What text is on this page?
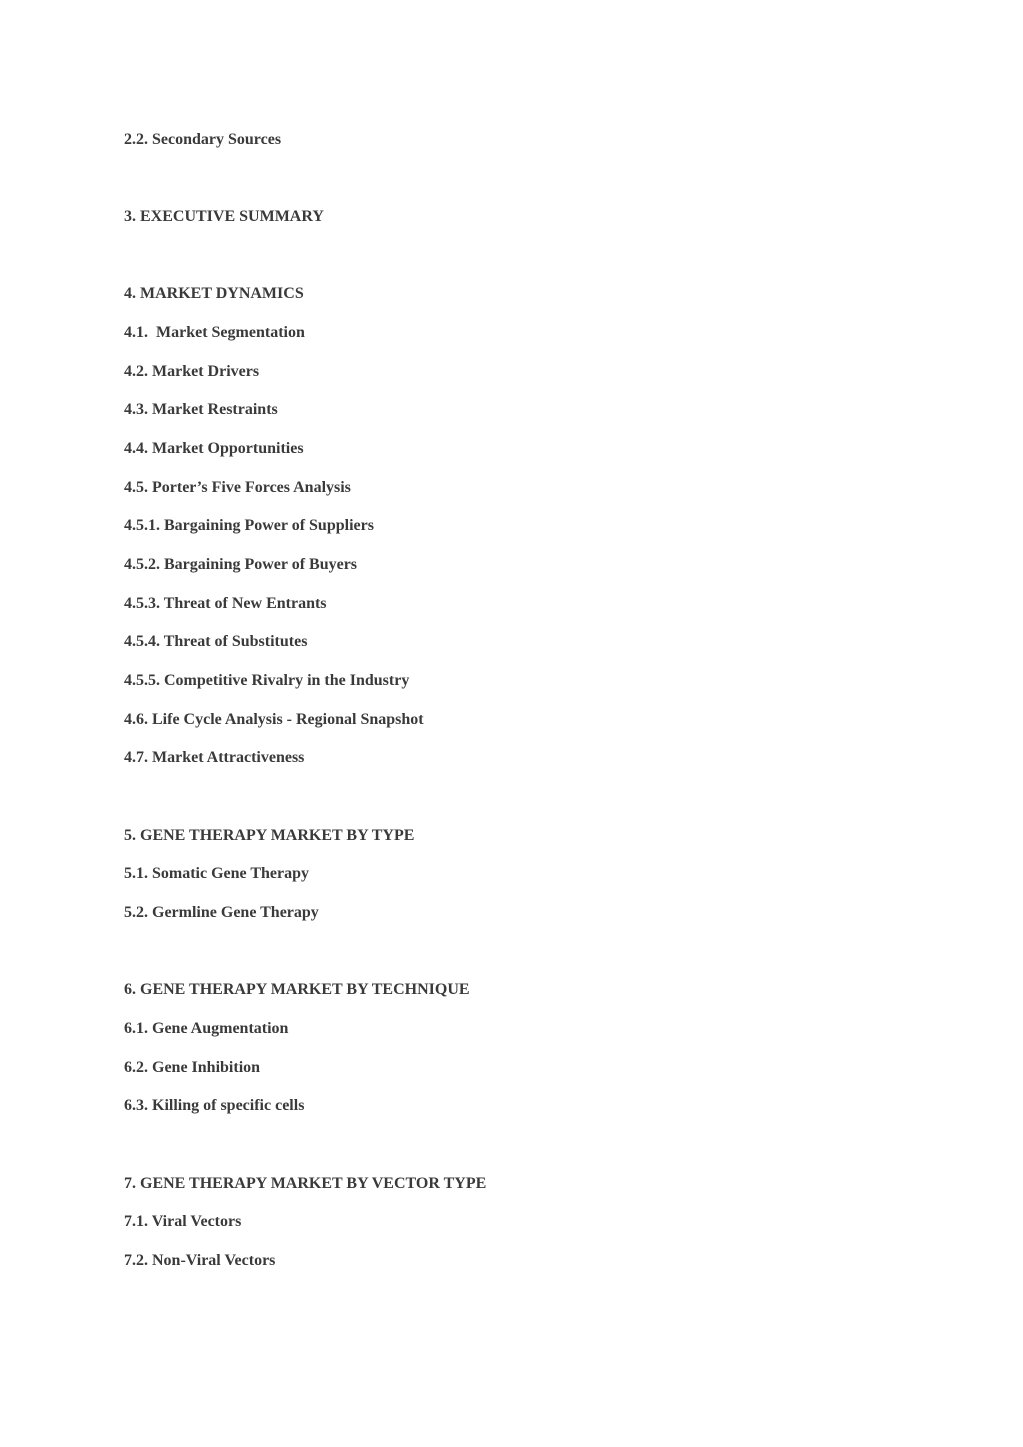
2.2. Secondary Sources

3. EXECUTIVE SUMMARY

4. MARKET DYNAMICS

4.1.  Market Segmentation

4.2. Market Drivers

4.3. Market Restraints

4.4. Market Opportunities

4.5. Porter’s Five Forces Analysis

4.5.1. Bargaining Power of Suppliers

4.5.2. Bargaining Power of Buyers

4.5.3. Threat of New Entrants

4.5.4. Threat of Substitutes

4.5.5. Competitive Rivalry in the Industry

4.6. Life Cycle Analysis - Regional Snapshot

4.7. Market Attractiveness

5. GENE THERAPY MARKET BY TYPE

5.1. Somatic Gene Therapy

5.2. Germline Gene Therapy

6. GENE THERAPY MARKET BY TECHNIQUE

6.1. Gene Augmentation

6.2. Gene Inhibition

6.3. Killing of specific cells

7. GENE THERAPY MARKET BY VECTOR TYPE

7.1. Viral Vectors

7.2. Non-Viral Vectors
